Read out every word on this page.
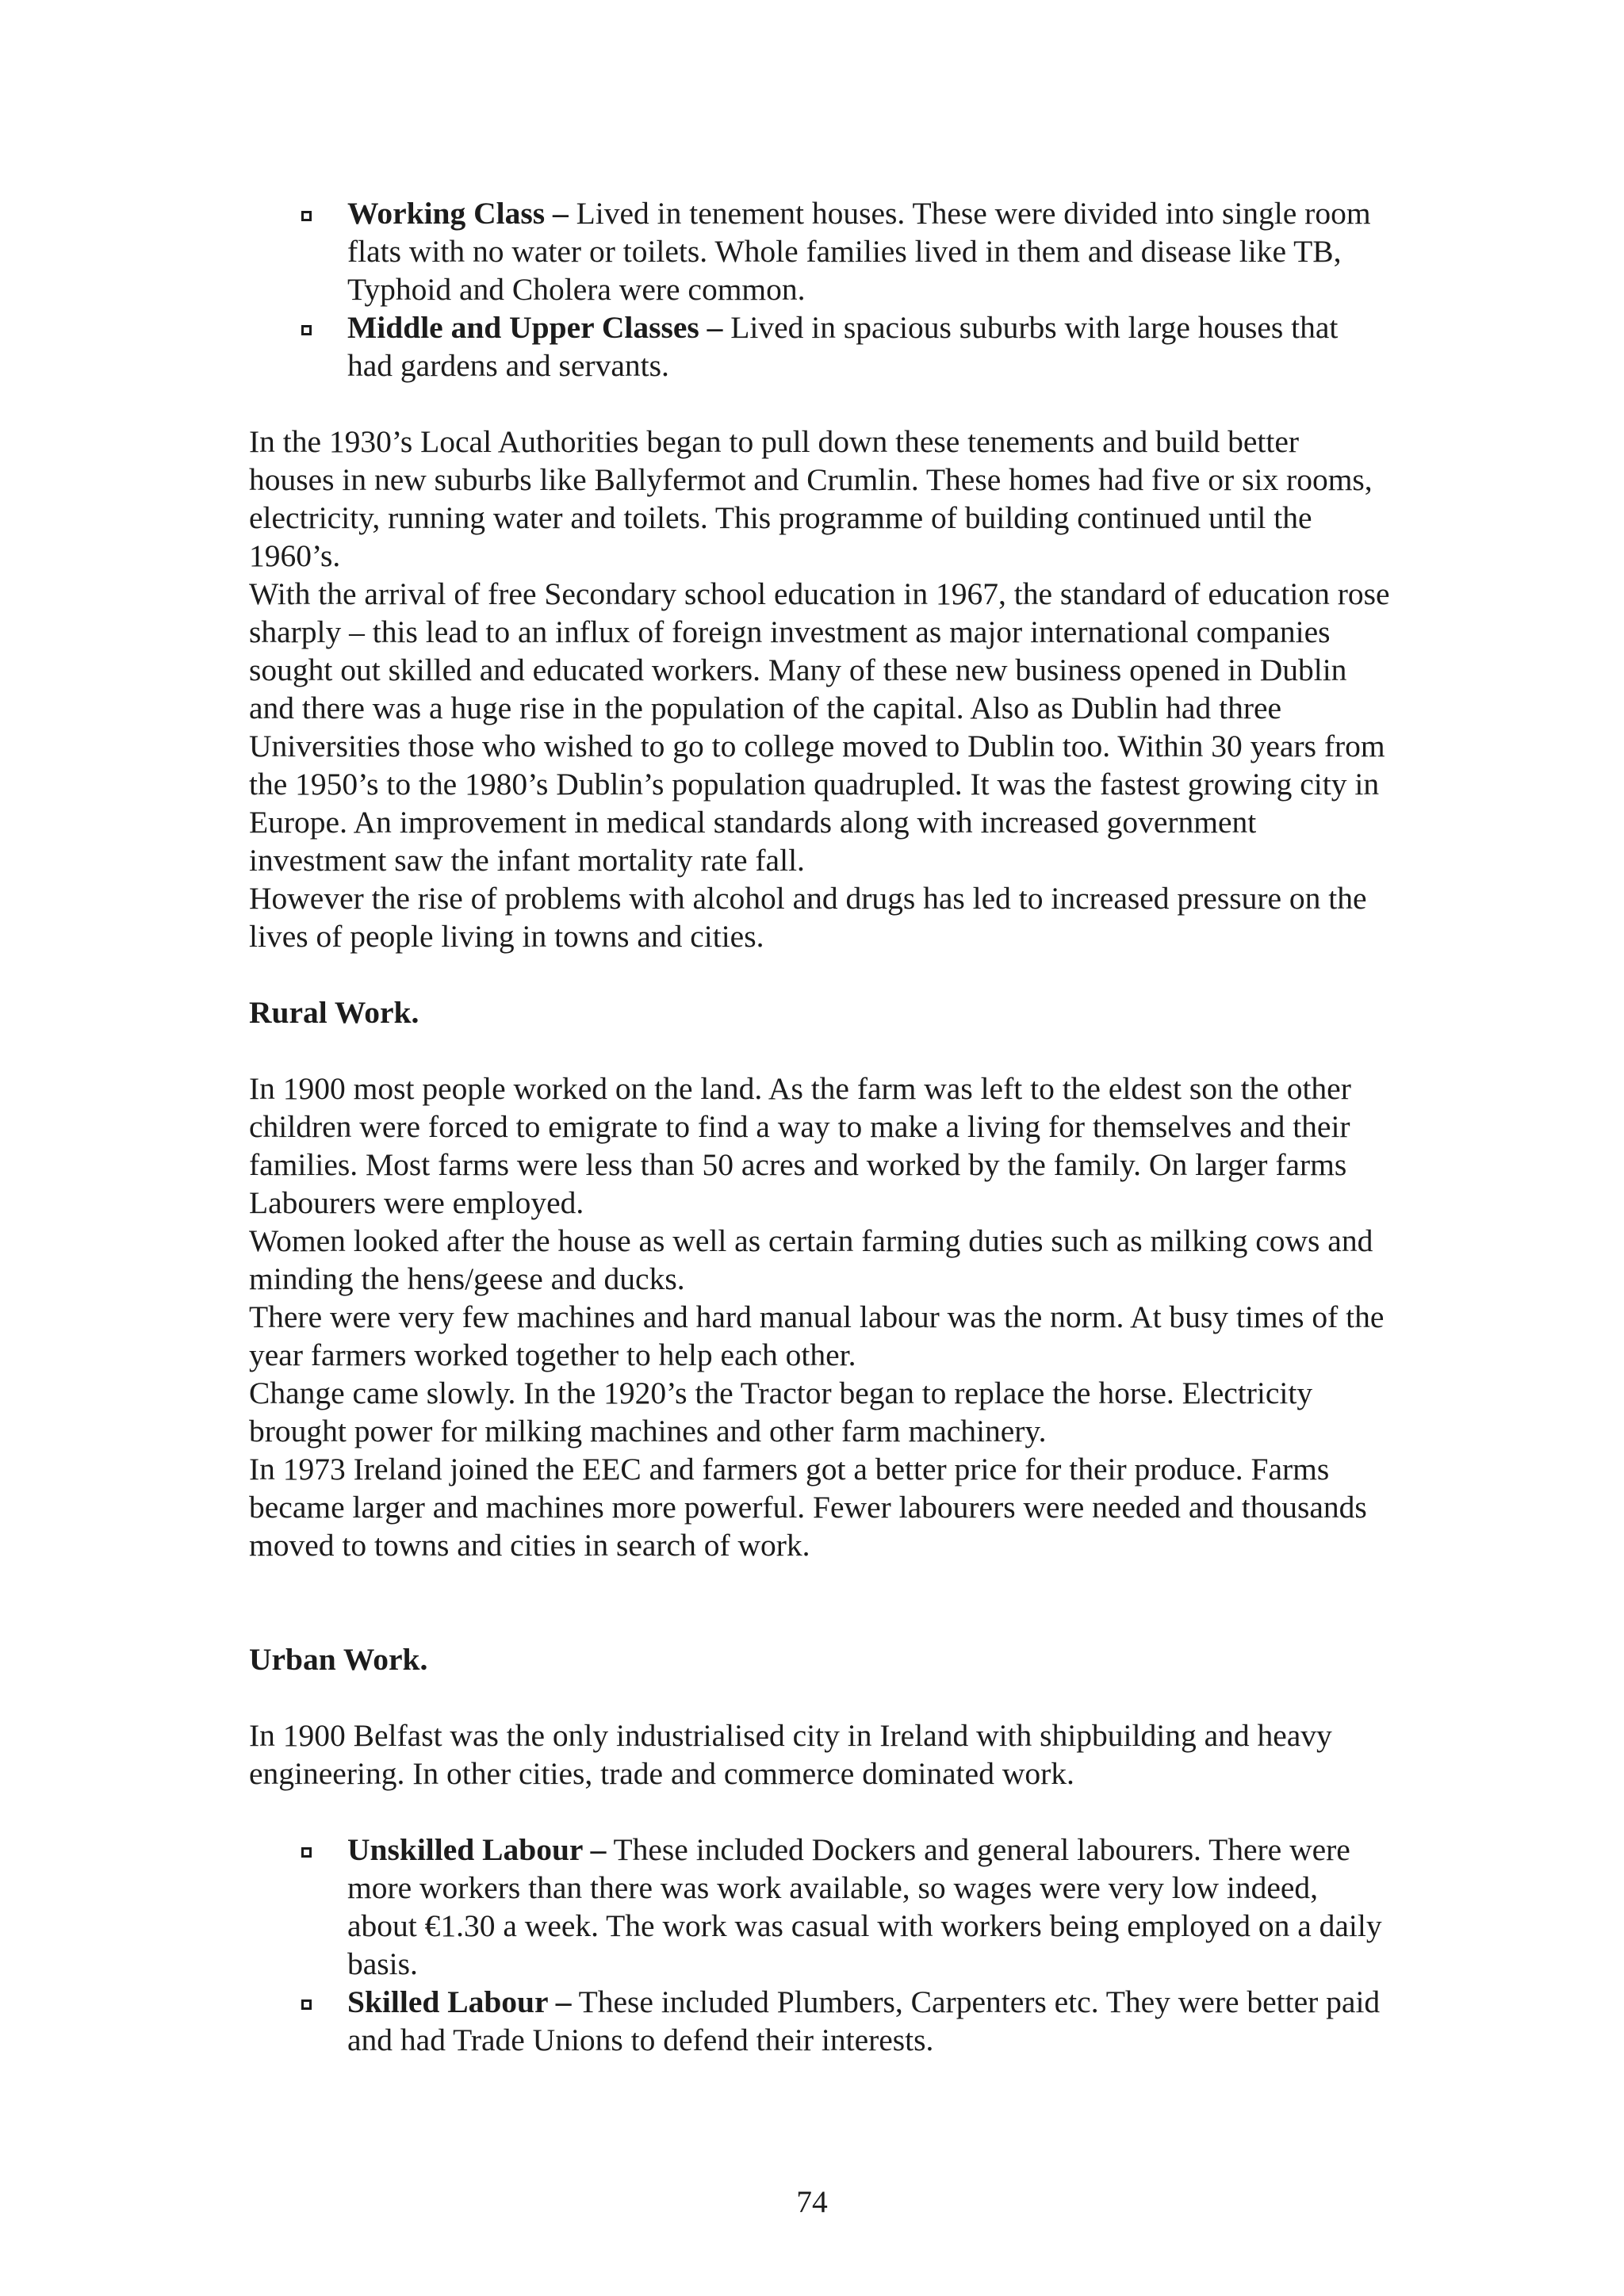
Working Class – Lived in tenement houses. These were divided into single room flats with no water or toilets. Whole families lived in them and disease like TB, Typhoid and Cholera were common.
Middle and Upper Classes – Lived in spacious suburbs with large houses that had gardens and servants.

In the 1930’s Local Authorities began to pull down these tenements and build better houses in new suburbs like Ballyfermot and Crumlin. These homes had five or six rooms, electricity, running water and toilets. This programme of building continued until the 1960’s.

With the arrival of free Secondary school education in 1967, the standard of education rose sharply – this lead to an influx of foreign investment as major international companies sought out skilled and educated workers. Many of these new business opened in Dublin and there was a huge rise in the population of the capital. Also as Dublin had three Universities those who wished to go to college moved to Dublin too. Within 30 years from the 1950’s to the 1980’s Dublin’s population quadrupled. It was the fastest growing city in Europe. An improvement in medical standards along with increased government investment saw the infant mortality rate fall.

However the rise of problems with alcohol and drugs has led to increased pressure on the lives of people living in towns and cities.

Rural Work.

In 1900 most people worked on the land. As the farm was left to the eldest son the other children were forced to emigrate to find a way to make a living for themselves and their families. Most farms were less than 50 acres and worked by the family. On larger farms Labourers were employed.

Women looked after the house as well as certain farming duties such as milking cows and minding the hens/geese and ducks.

There were very few machines and hard manual labour was the norm. At busy times of the year farmers worked together to help each other.

Change came slowly. In the 1920’s the Tractor began to replace the horse. Electricity brought power for milking machines and other farm machinery.

In 1973 Ireland joined the EEC and farmers got a better price for their produce. Farms became larger and machines more powerful. Fewer labourers were needed and thousands moved to towns and cities in search of work.

Urban Work.

In 1900 Belfast was the only industrialised city in Ireland with shipbuilding and heavy engineering. In other cities, trade and commerce dominated work.

Unskilled Labour – These included Dockers and general labourers. There were more workers than there was work available, so wages were very low indeed, about €1.30 a week. The work was casual with workers being employed on a daily basis.
Skilled Labour – These included Plumbers, Carpenters etc. They were better paid and had Trade Unions to defend their interests.
74
